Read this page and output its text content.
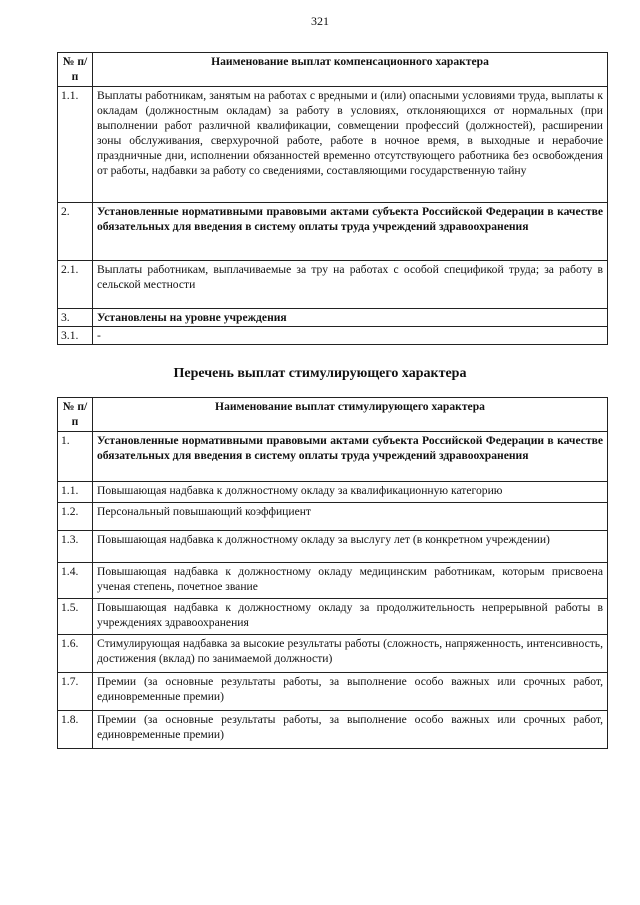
321
№ п/п	Наименование выплат компенсационного характера
1.1.	Выплаты работникам, занятым на работах с вредными и (или) опасными условиями труда, выплаты к окладам (должностным окладам) за работу в условиях, отклоняющихся от нормальных (при выполнении работ различной квалификации, совмещении профессий (должностей), расширении зоны обслуживания, сверхурочной работе, работе в ночное время, в выходные и нерабочие праздничные дни, исполнении обязанностей временно отсутствующего работника без освобождения от работы, надбавки за работу со сведениями, составляющими государственную тайну
2.	Установленные нормативными правовыми актами субъекта Российской Федерации в качестве обязательных для введения в систему оплаты труда учреждений здравоохранения
2.1.	Выплаты работникам, выплачиваемые за тру на работах с особой спецификой труда; за работу в сельской местности
3.	Установлены на уровне учреждения
3.1.	-
Перечень выплат стимулирующего характера
№ п/п	Наименование выплат стимулирующего характера
1.	Установленные нормативными правовыми актами субъекта Российской Федерации в качестве обязательных для введения в систему оплаты труда учреждений здравоохранения
1.1.	Повышающая надбавка к должностному окладу за квалификационную категорию
1.2.	Персональный повышающий коэффициент
1.3.	Повышающая надбавка к должностному окладу за выслугу лет (в конкретном учреждении)
1.4.	Повышающая надбавка к должностному окладу медицинским работникам, которым присвоена ученая степень, почетное звание
1.5.	Повышающая надбавка к должностному окладу за продолжительность непрерывной работы в учреждениях здравоохранения
1.6.	Стимулирующая надбавка за высокие результаты работы (сложность, напряженность, интенсивность, достижения (вклад) по занимаемой должности)
1.7.	Премии (за основные результаты работы, за выполнение особо важных или срочных работ, единовременные премии)
1.8.	Премии (за основные результаты работы, за выполнение особо важных или срочных работ, единовременные премии)
